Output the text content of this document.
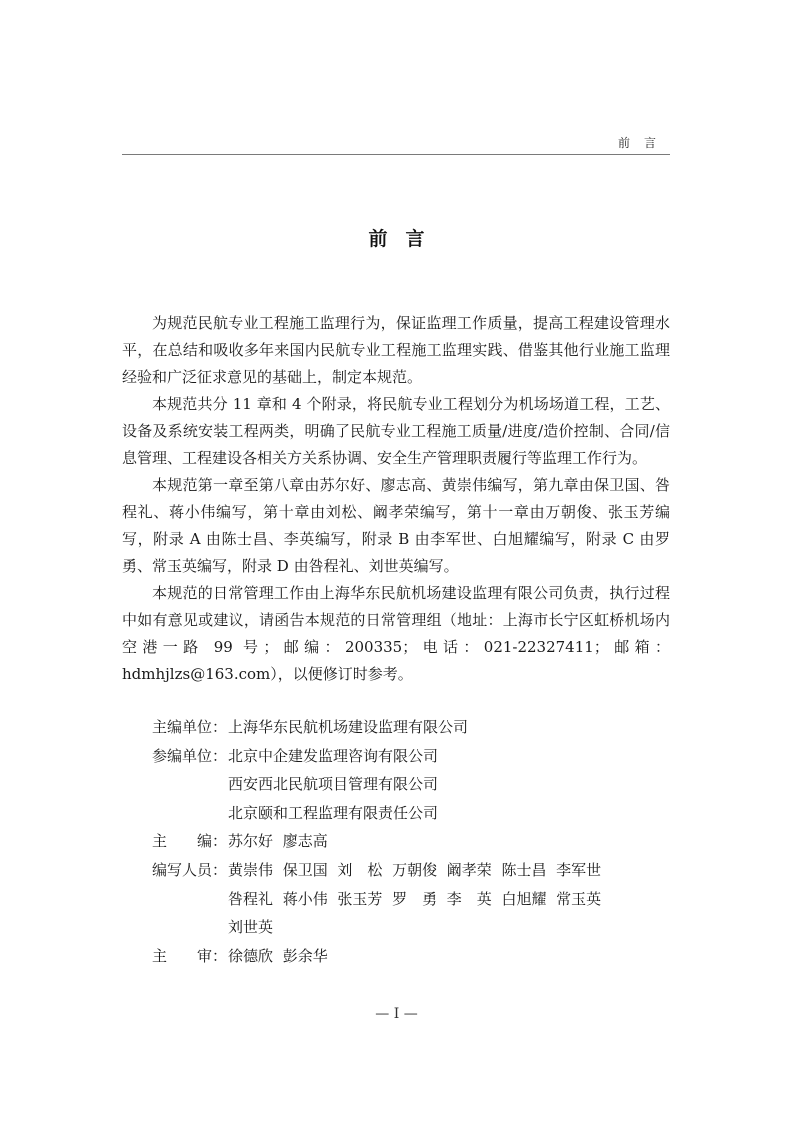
前言
前言

为规范民航专业工程施工监理行为，保证监理工作质量，提高工程建设管理水平，在总结和吸收多年来国内民航专业工程施工监理实践、借鉴其他行业施工监理经验和广泛征求意见的基础上，制定本规范。

本规范共分 11 章和 4 个附录，将民航专业工程划分为机场场道工程，工艺、设备及系统安装工程两类，明确了民航专业工程施工质量/进度/造价控制、合同/信息管理、工程建设各相关方关系协调、安全生产管理职责履行等监理工作行为。

本规范第一章至第八章由苏尔好、廖志高、黄崇伟编写，第九章由保卫国、咎程礼、蒋小伟编写，第十章由刘松、阚孝荣编写，第十一章由万朝俊、张玉芳编写，附录 A 由陈士昌、李英编写，附录 B 由李军世、白旭耀编写，附录 C 由罗勇、常玉英编写，附录 D 由咎程礼、刘世英编写。

本规范的日常管理工作由上海华东民航机场建设监理有限公司负责，执行过程中如有意见或建议，请函告本规范的日常管理组（地址：上海市长宁区虹桥机场内空港一路 99 号；邮编：200335；电话：021-22327411；邮箱：hdmhjlzs@163.com），以便修订时参考。

主编单位： 上海华东民航机场建设监理有限公司
参编单位： 北京中企建发监理咨询有限公司
西安西北民航项目管理有限公司
北京颐和工程监理有限责任公司
主　　编： 苏尔好 廖志高
编写人员： 黄崇伟 保卫国 刘　松 万朝俊 阚孝荣 陈士昌 李军世
咎程礼 蒋小伟 张玉芳 罗　勇 李　英 白旭耀 常玉英
刘世英
主　　审： 徐德欣 彭余华
— I —
